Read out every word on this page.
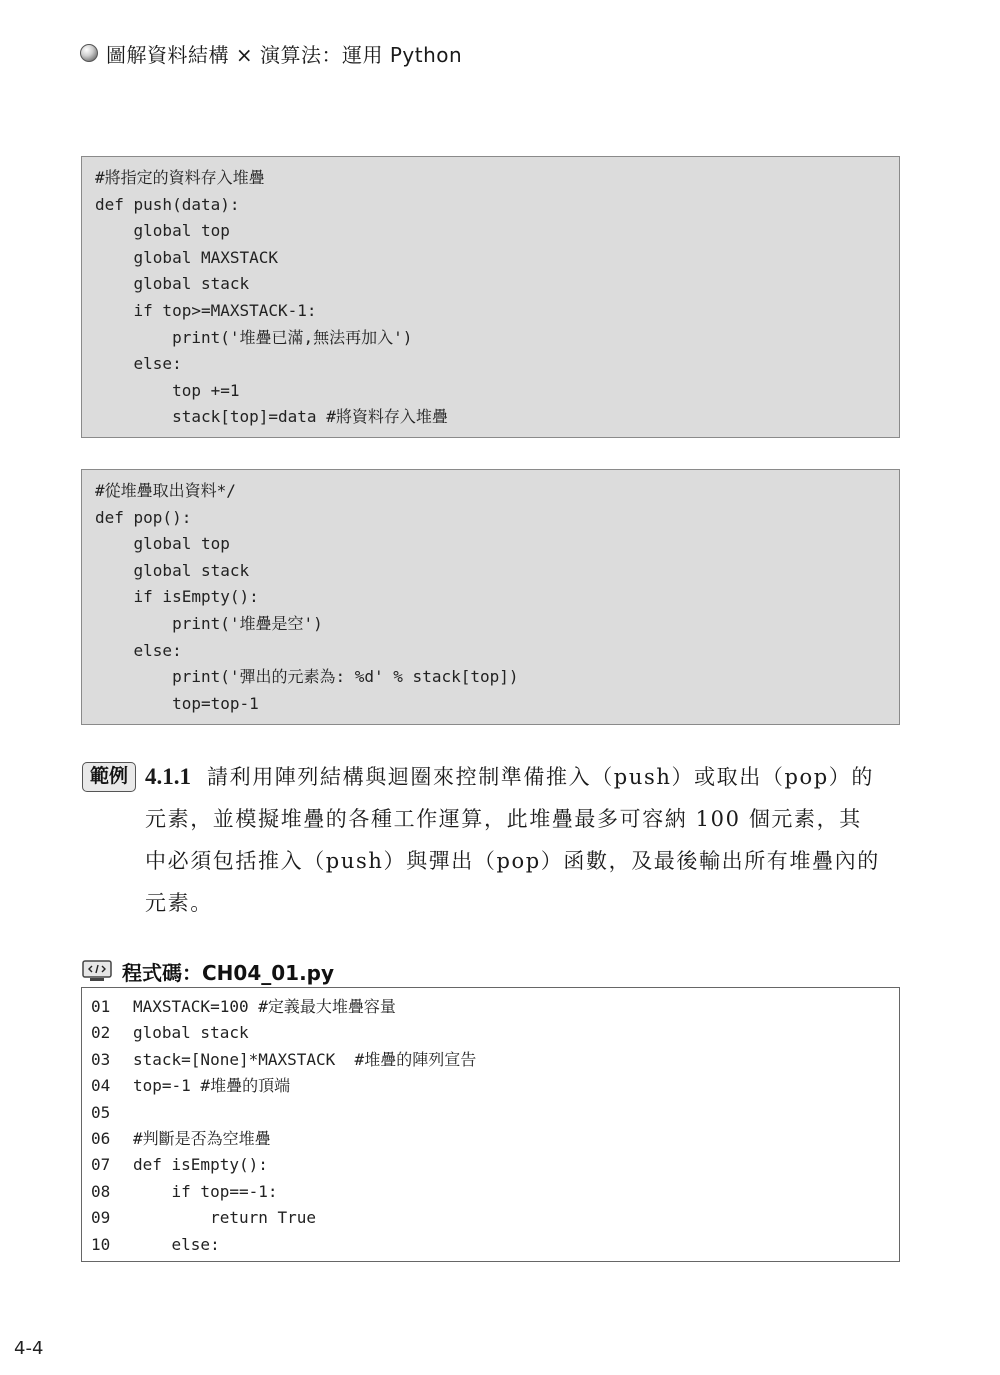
圖解資料結構 × 演算法：運用 Python
#將指定的資料存入堆疊
def push(data):
global top
global MAXSTACK
global stack
if top>=MAXSTACK-1:
print('堆疊已滿,無法再加入')
else:
top +=1
stack[top]=data #將資料存入堆疊
#從堆疊取出資料*/
def pop():
global top
global stack
if isEmpty():
print('堆疊是空')
else:
print('彈出的元素為: %d' % stack[top])
top=top-1
範例 4.1.1 請利用陣列結構與迴圈來控制準備推入（push）或取出（pop）的
元素，並模擬堆疊的各種工作運算，此堆疊最多可容納 100 個元素，其
中必須包括推入（push）與彈出（pop）函數，及最後輸出所有堆疊內的
元素。
程式碼：CH04_01.py
01	MAXSTACK=100 #定義最大堆疊容量
02	global stack
03	stack=[None]*MAXSTACK  #堆疊的陣列宣告
04	top=-1 #堆疊的頂端
05
06	#判斷是否為空堆疊
07	def isEmpty():
08	if top==-1:
09	return True
10	else:
4-4
